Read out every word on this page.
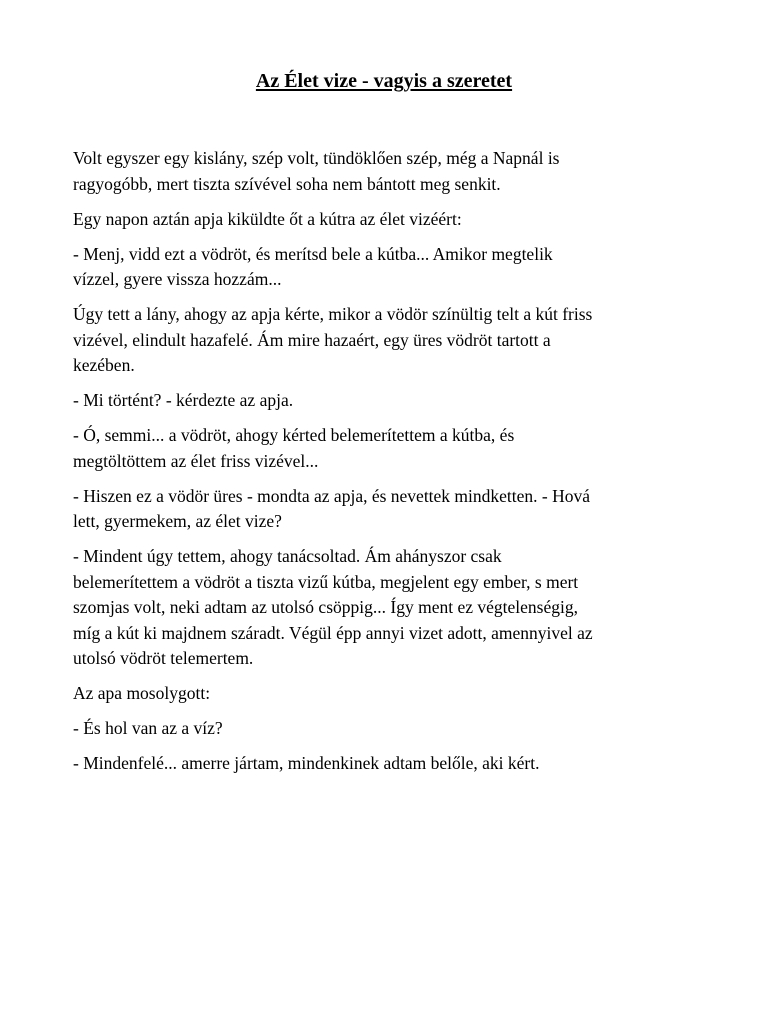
Az Élet vize - vagyis a szeretet

Volt egyszer egy kislány, szép volt, tündöklően szép, még a Napnál is
ragyogóbb, mert tiszta szívével soha nem bántott meg senkit.

Egy napon aztán apja kiküldte őt a kútra az élet vizéért:

- Menj, vidd ezt a vödröt, és merítsd bele a kútba... Amikor megtelik
vízzel, gyere vissza hozzám...

Úgy tett a lány, ahogy az apja kérte, mikor a vödör színültig telt a kút friss
vizével, elindult hazafelé. Ám mire hazaért, egy üres vödröt tartott a
kezében.

- Mi történt? - kérdezte az apja.

- Ó, semmi... a vödröt, ahogy kérted belemerítettem a kútba, és
megtöltöttem az élet friss vizével...

- Hiszen ez a vödör üres - mondta az apja, és nevettek mindketten. - Hová
lett, gyermekem, az élet vize?

- Mindent úgy tettem, ahogy tanácsoltad. Ám ahányszor csak
belemerítettem a vödröt a tiszta vizű kútba, megjelent egy ember, s mert
szomjas volt, neki adtam az utolsó csöppig... Így ment ez végtelenségig,
míg a kút ki majdnem száradt. Végül épp annyi vizet adott, amennyivel az
utolsó vödröt telemertem.

Az apa mosolygott:

- És hol van az a víz?

- Mindenfelé... amerre jártam, mindenkinek adtam belőle, aki kért.
